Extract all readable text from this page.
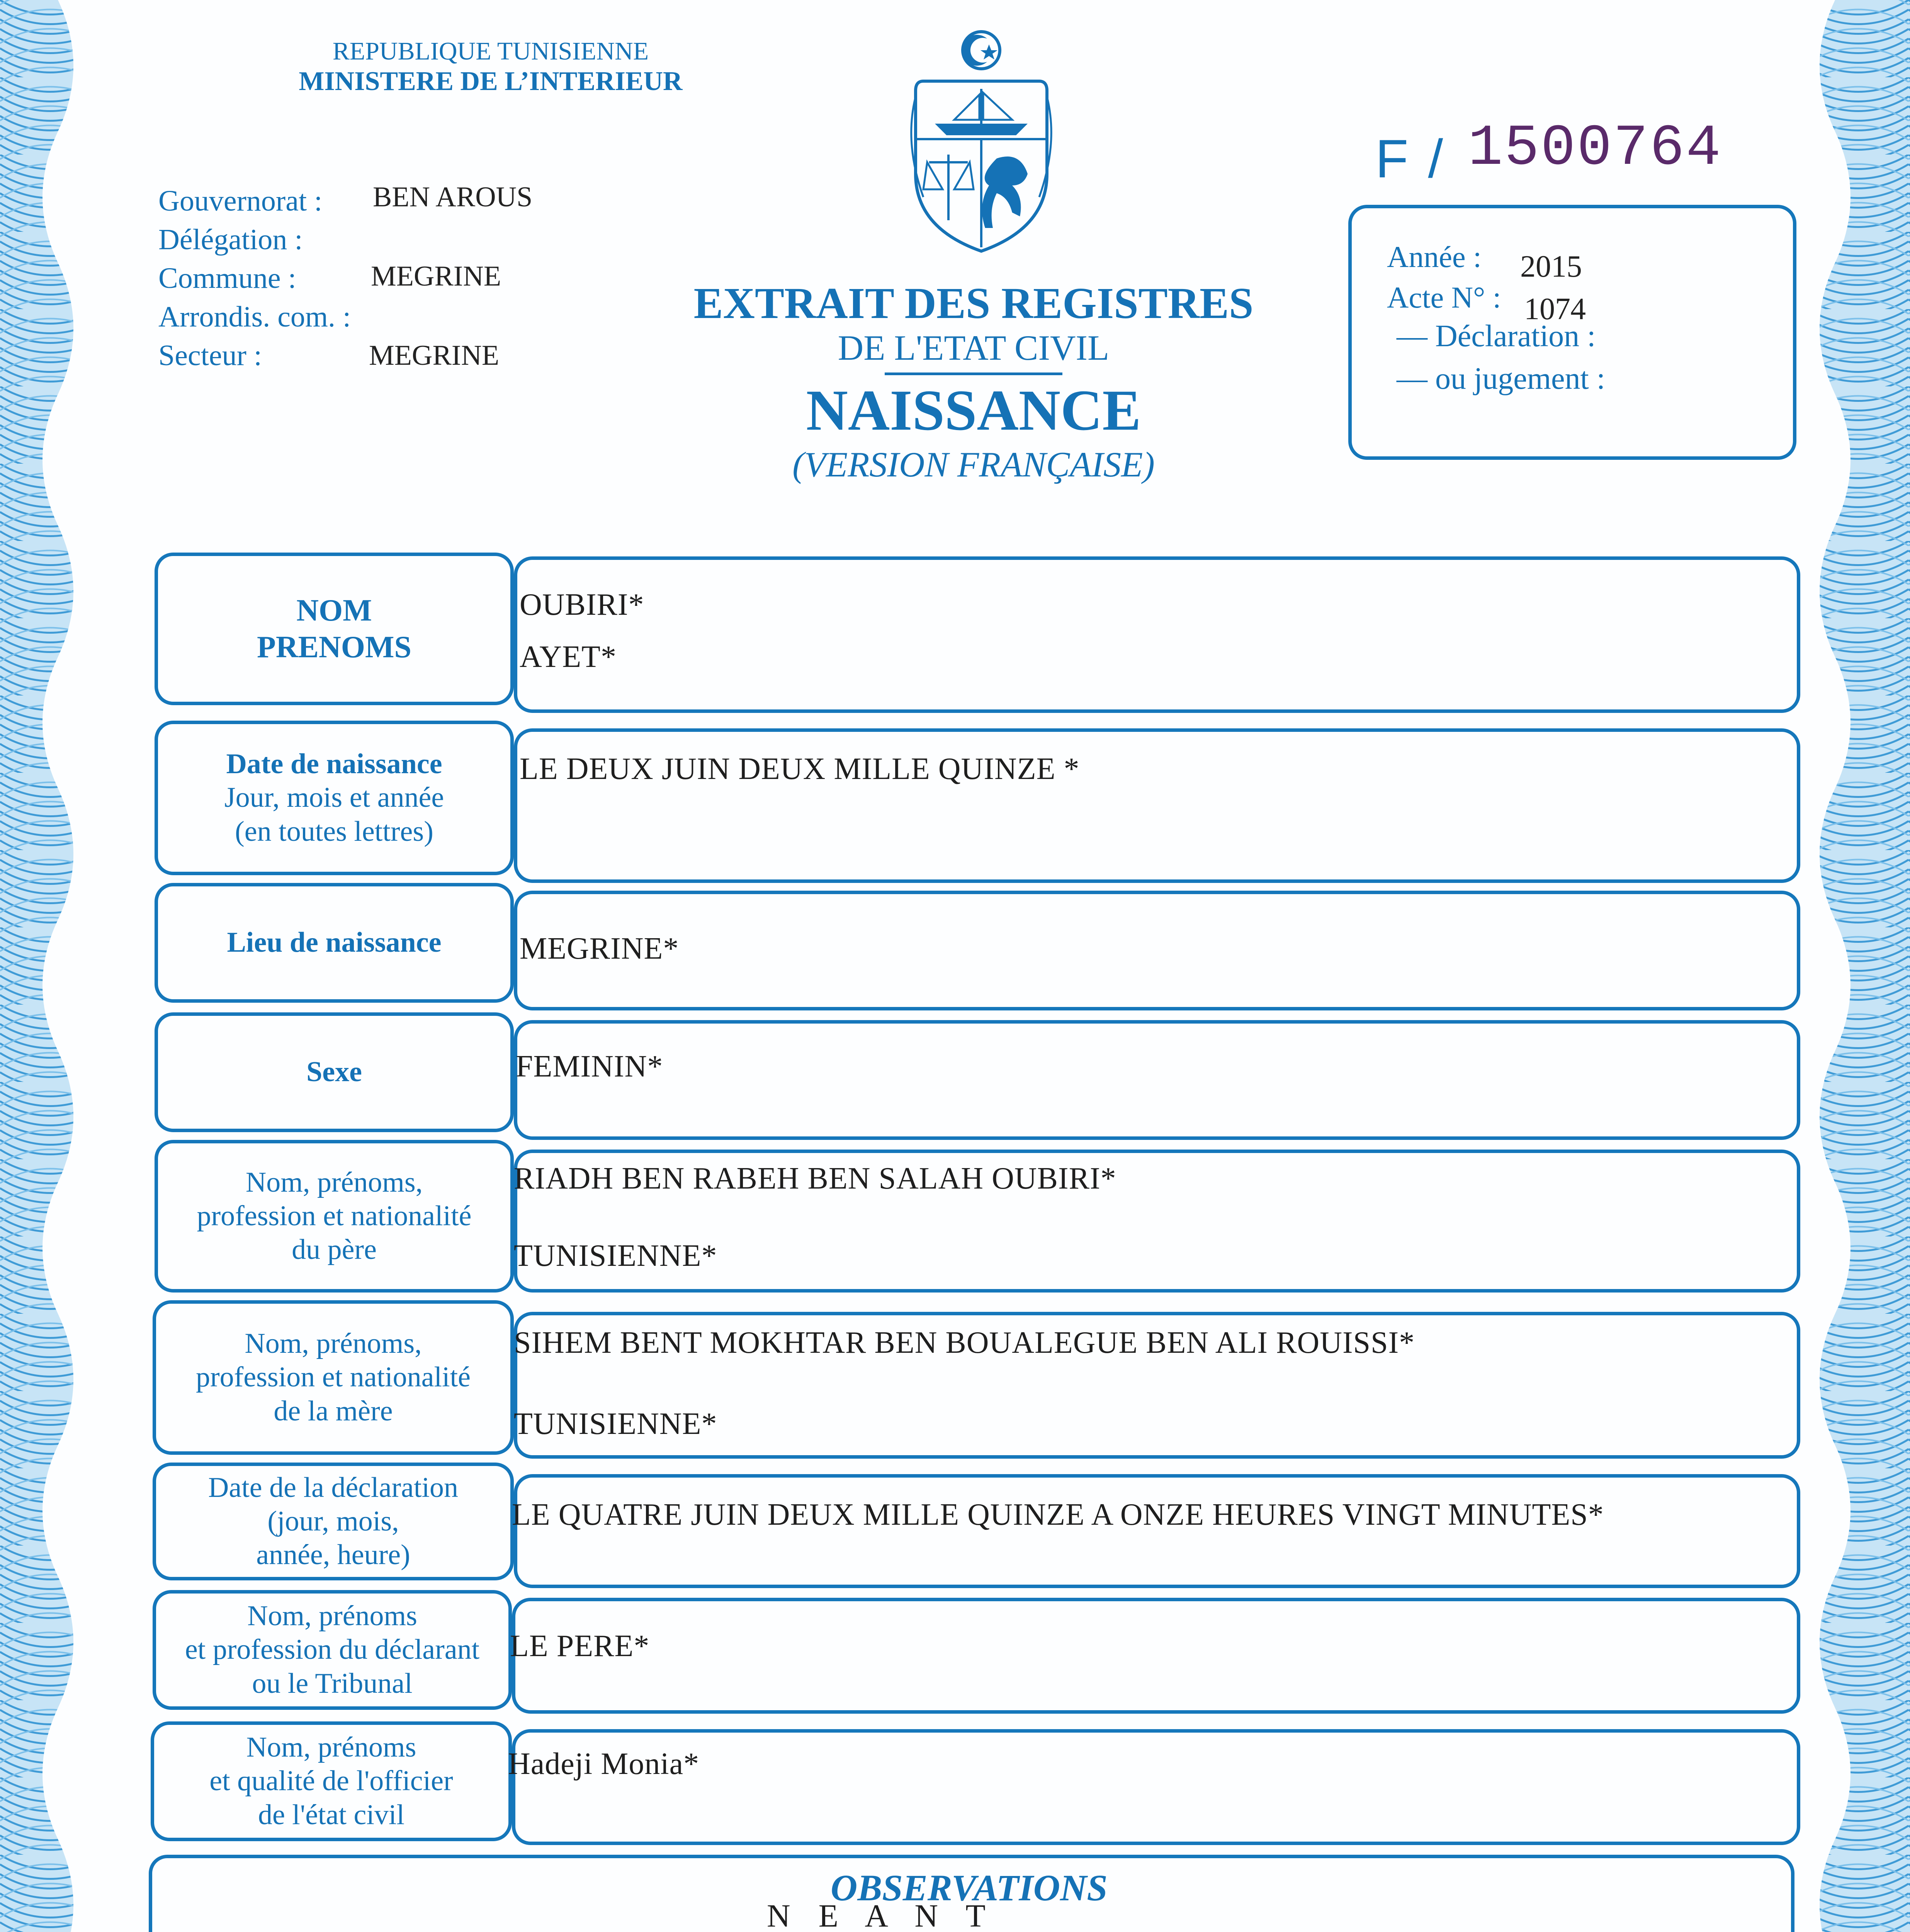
REPUBLIQUE TUNISIENNE
MINISTERE DE L’INTERIEUR
F / 1500764
Gouvernorat :
Délégation :
Commune :
Arrondis. com. :
Secteur :
BEN AROUS
MEGRINE
MEGRINE
EXTRAIT DES REGISTRES
DE L'ETAT CIVIL
NAISSANCE
(VERSION FRANÇAISE)
Année : 2015
Acte N° : 1074
— Déclaration :
— ou jugement :
NOM
PRENOMS
OUBIRI*
AYET*
Date de naissance
Jour, mois et année
(en toutes lettres)
LE DEUX JUIN DEUX MILLE QUINZE *
Lieu de naissance	MEGRINE*
Sexe	FEMININ*
Nom, prénoms,
profession et nationalité
du père
RIADH BEN RABEH BEN SALAH OUBIRI*
TUNISIENNE*
Nom, prénoms,
profession et nationalité
de la mère
SIHEM BENT MOKHTAR BEN BOUALEGUE BEN ALI ROUISSI*
TUNISIENNE*
Date de la déclaration
(jour, mois,
année, heure)
LE QUATRE JUIN DEUX MILLE QUINZE A ONZE HEURES VINGT MINUTES*
Nom, prénoms
et profession du déclarant
ou le Tribunal
LE PERE*
Nom, prénoms
et qualité de l'officier
de l'état civil
Hadeji Monia*
OBSERVATIONS
N E A N T
